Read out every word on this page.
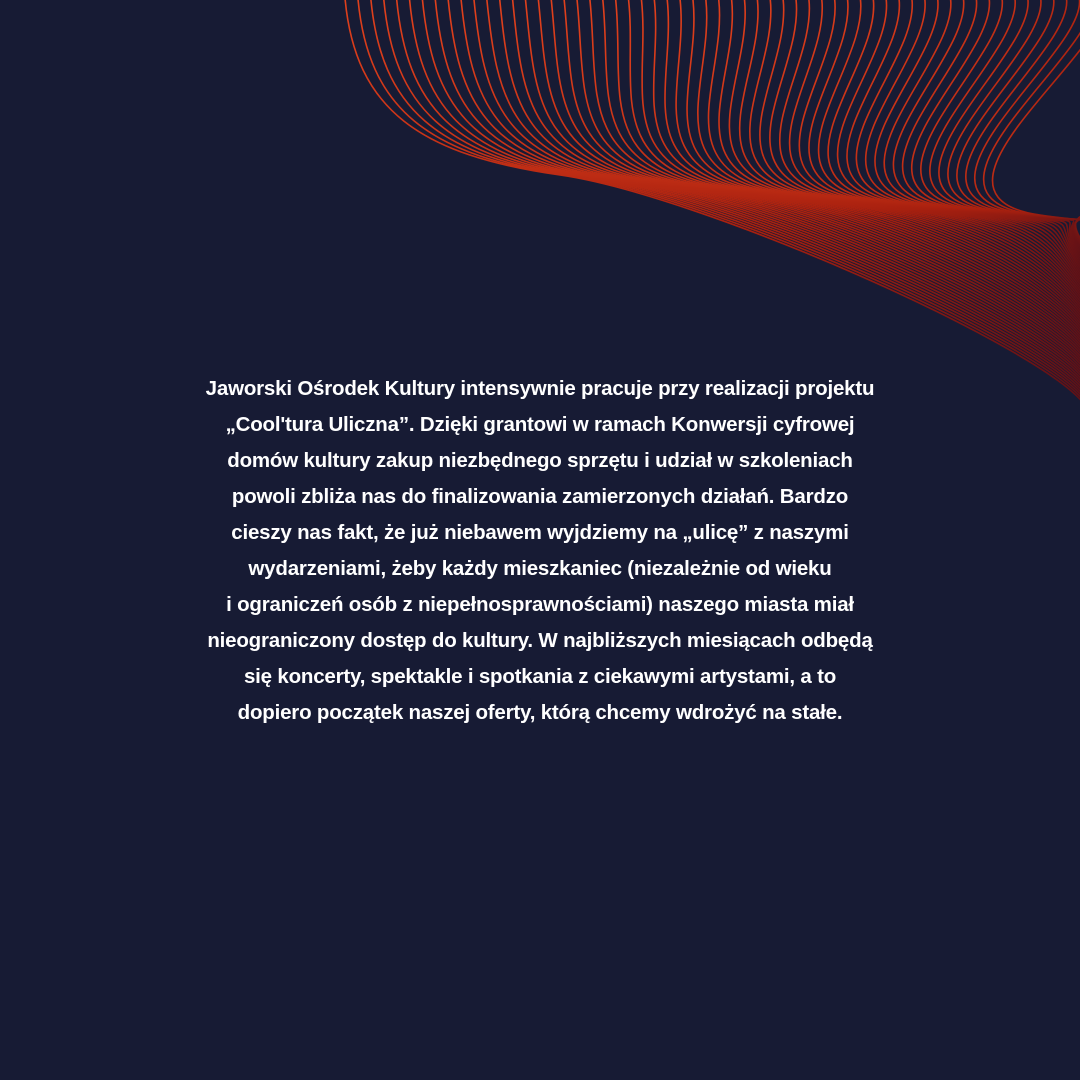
Jaworski Ośrodek Kultury intensywnie pracuje przy realizacji projektu
„Cool'tura Uliczna”. Dzięki grantowi w ramach Konwersji cyfrowej
domów kultury zakup niezbędnego sprzętu i udział w szkoleniach
powoli zbliża nas do finalizowania zamierzonych działań. Bardzo
cieszy nas fakt, że już niebawem wyjdziemy na „ulicę” z naszymi
wydarzeniami, żeby każdy mieszkaniec (niezależnie od wieku
i ograniczeń osób z niepełnosprawnościami) naszego miasta miał
nieograniczony dostęp do kultury. W najbliższych miesiącach odbędą
się koncerty, spektakle i spotkania z ciekawymi artystami, a to
dopiero początek naszej oferty, którą chcemy wdrożyć na stałe.
